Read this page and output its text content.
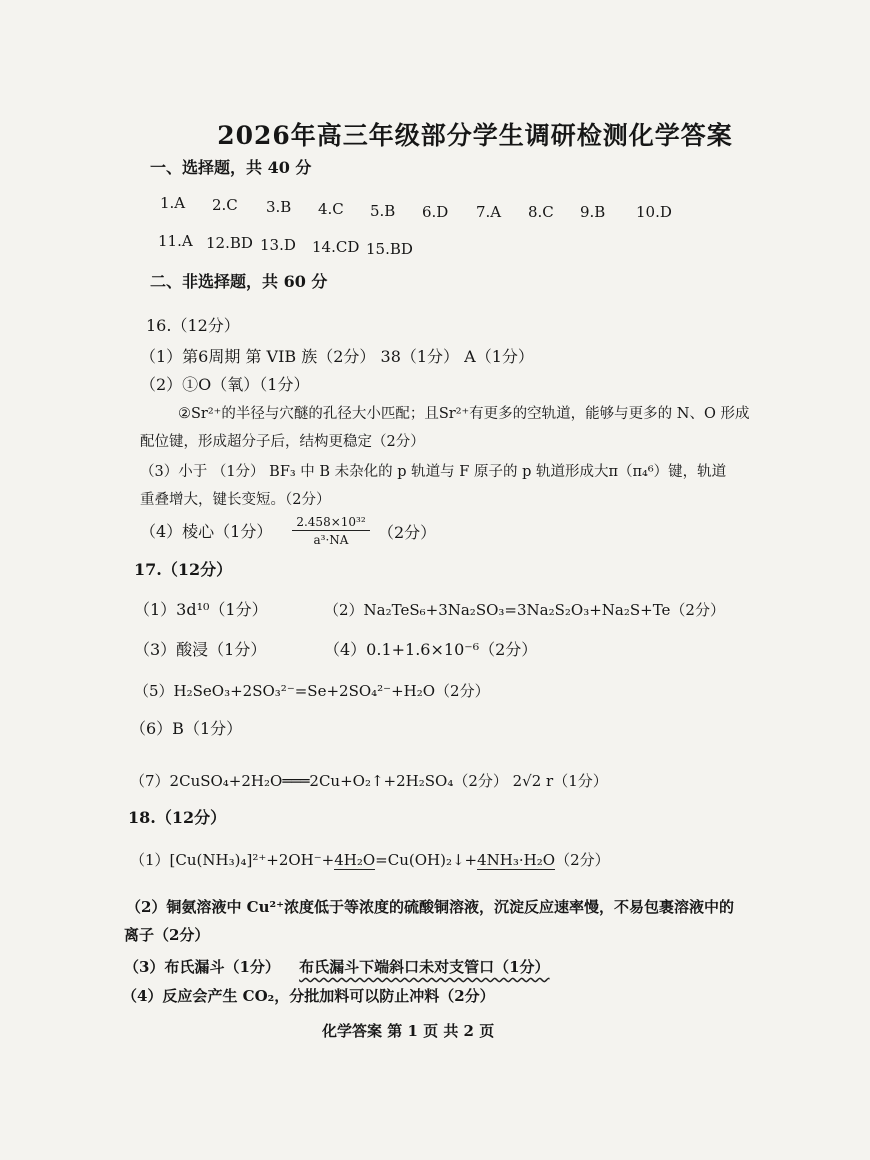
2026年高三年级部分学生调研检测化学答案
一、选择题，共 40 分
1.A 2.C 3.B 4.C 5.B 6.D 7.A 8.C 9.B 10.D
11.A 12.BD 13.D 14.CD 15.BD
二、非选择题，共 60 分
16.（12分）
（1）第6周期 第 VIB 族（2分） 38（1分） A（1分）
（2）①O（氧）（1分）
②Sr²⁺的半径与穴醚的孔径大小匹配；且Sr²⁺有更多的空轨道，能够与更多的 N、O 形成
配位键，形成超分子后，结构更稳定（2分）
（3）小于 （1分） BF₃ 中 B 未杂化的 p 轨道与 F 原子的 p 轨道形成大π（π₄⁶）键，轨道
重叠增大，键长变短。（2分）
（4）棱心（1分） $\frac{\text{2.458×10³²}}{\text{a³·NA}} (2$分）
17.（12分）
（1）3d¹⁰（1分）	（2）Na₂TeS₆+3Na₂SO₃=3Na₂S₂O₃+Na₂S+Te（2分）
（3）酸浸（1分）	（4）0.1+1.6×10⁻⁶（2分）
（5）H₂SeO₃+2SO₃²⁻=Se+2SO₄²⁻+H₂O（2分）
（6）B（1分）
（7）2CuSO₄+2H₂O═══2Cu+O₂↑+2H₂SO₄（2分） 2√2 r（1分）
18.（12分）
（1）[Cu(NH₃)₄]²⁺+2OH⁻+4H₂O=Cu(OH)₂↓+4NH₃·H₂O（2分）
（2）铜氨溶液中 Cu²⁺浓度低于等浓度的硫酸铜溶液，沉淀反应速率慢，不易包裹溶液中的
离子（2分）
（3）布氏漏斗（1分） 布氏漏斗下端斜口未对支管口（1分）
（4）反应会产生 CO₂，分批加料可以防止冲料（2分）
化学答案 第 1 页 共 2 页
